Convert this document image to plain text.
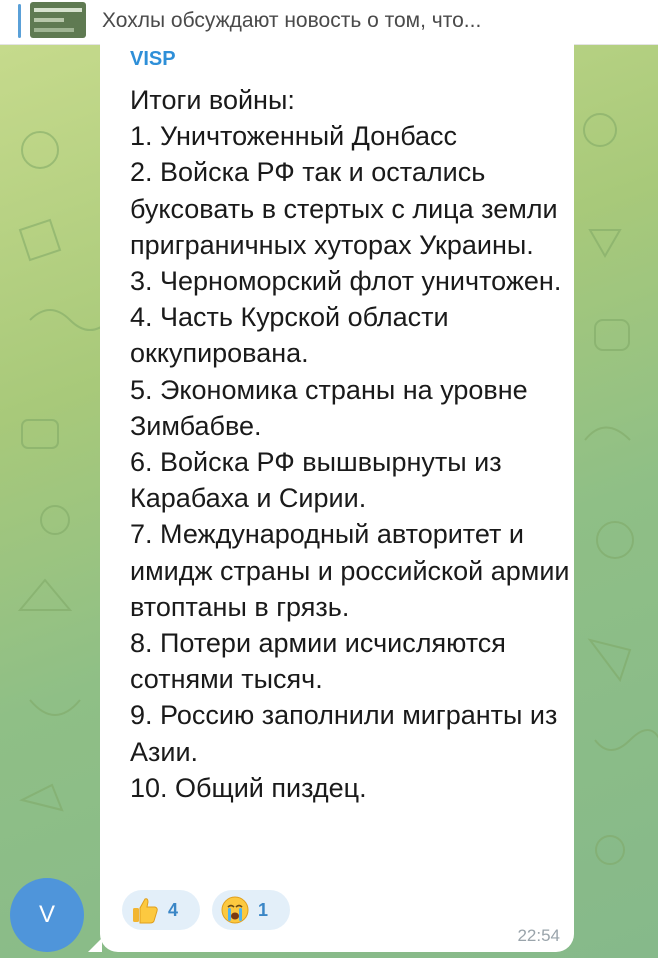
Хохлы обсуждают новость о том, что...
VISP
Итоги войны:
1. Уничтоженный Донбасс
2. Войска РФ так и остались буксовать в стертых с лица земли приграничных хуторах Украины.
3. Черноморский флот уничтожен.
4. Часть Курской области оккупирована.
5. Экономика страны на уровне Зимбабве.
6. Войска РФ вышвырнуты из Карабаха и Сирии.
7. Международный авторитет и имидж страны и российской армии втоптаны в грязь.
8. Потери армии исчисляются сотнями тысяч.
9. Россию заполнили мигранты из Азии.
10. Общий пиздец.
4	1
22:54
V
